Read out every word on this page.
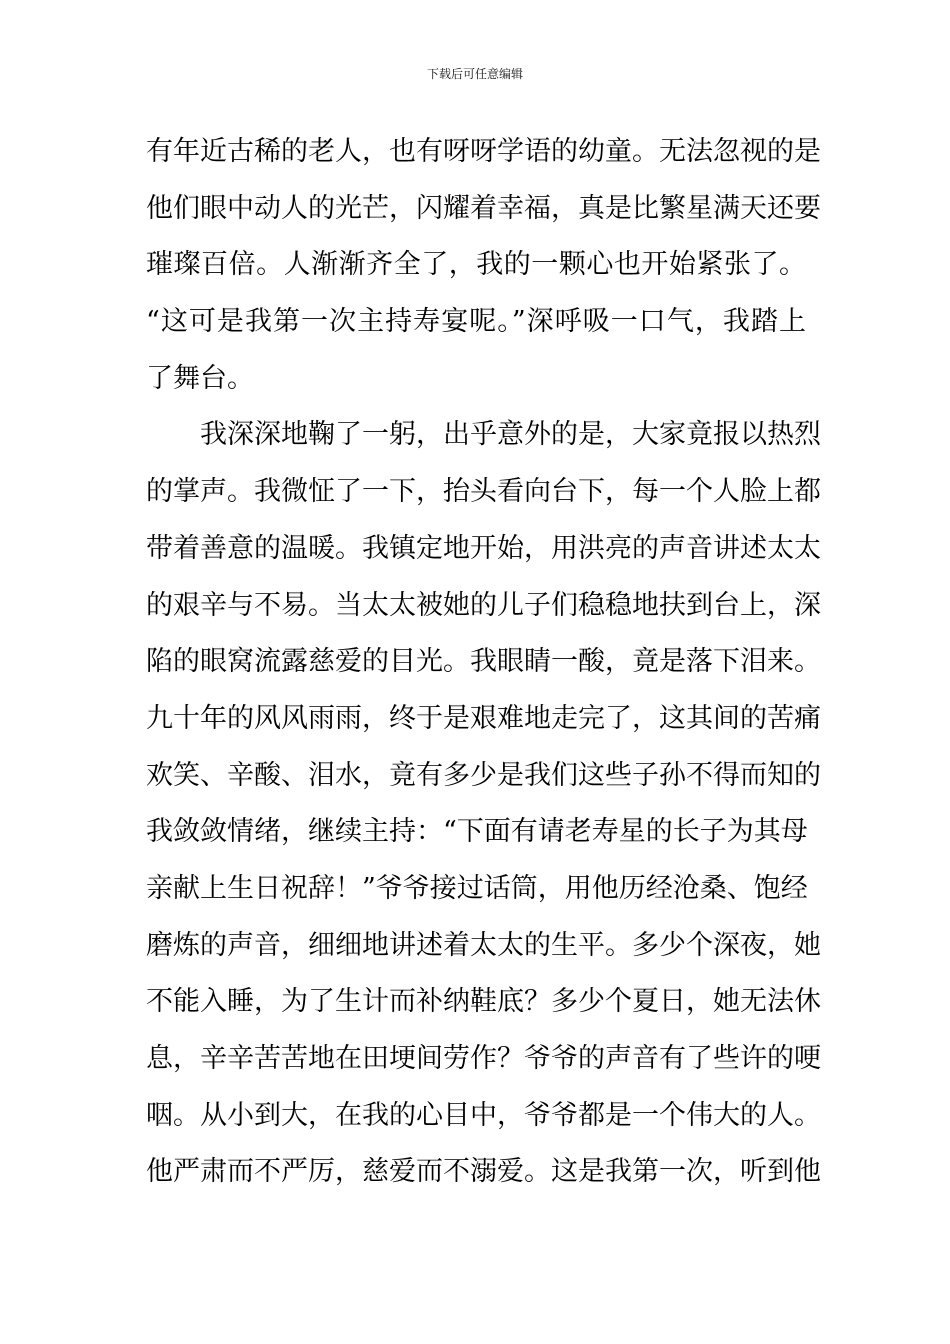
下载后可任意编辑
有年近古稀的老人，也有呀呀学语的幼童。无法忽视的是
他们眼中动人的光芒，闪耀着幸福，真是比繁星满天还要
璀璨百倍。人渐渐齐全了，我的一颗心也开始紧张了。
“这可是我第一次主持寿宴呢。”深呼吸一口气，我踏上
了舞台。
我深深地鞠了一躬，出乎意外的是，大家竟报以热烈
的掌声。我微怔了一下，抬头看向台下，每一个人脸上都
带着善意的温暖。我镇定地开始，用洪亮的声音讲述太太
的艰辛与不易。当太太被她的儿子们稳稳地扶到台上，深
陷的眼窝流露慈爱的目光。我眼睛一酸，竟是落下泪来。
九十年的风风雨雨，终于是艰难地走完了，这其间的苦痛
欢笑、辛酸、泪水，竟有多少是我们这些子孙不得而知的
我敛敛情绪，继续主持：“下面有请老寿星的长子为其母
亲献上生日祝辞！”爷爷接过话筒，用他历经沧桑、饱经
磨炼的声音，细细地讲述着太太的生平。多少个深夜，她
不能入睡，为了生计而补纳鞋底？多少个夏日，她无法休
息，辛辛苦苦地在田埂间劳作？爷爷的声音有了些许的哽
咽。从小到大，在我的心目中，爷爷都是一个伟大的人。
他严肃而不严厉，慈爱而不溺爱。这是我第一次，听到他
